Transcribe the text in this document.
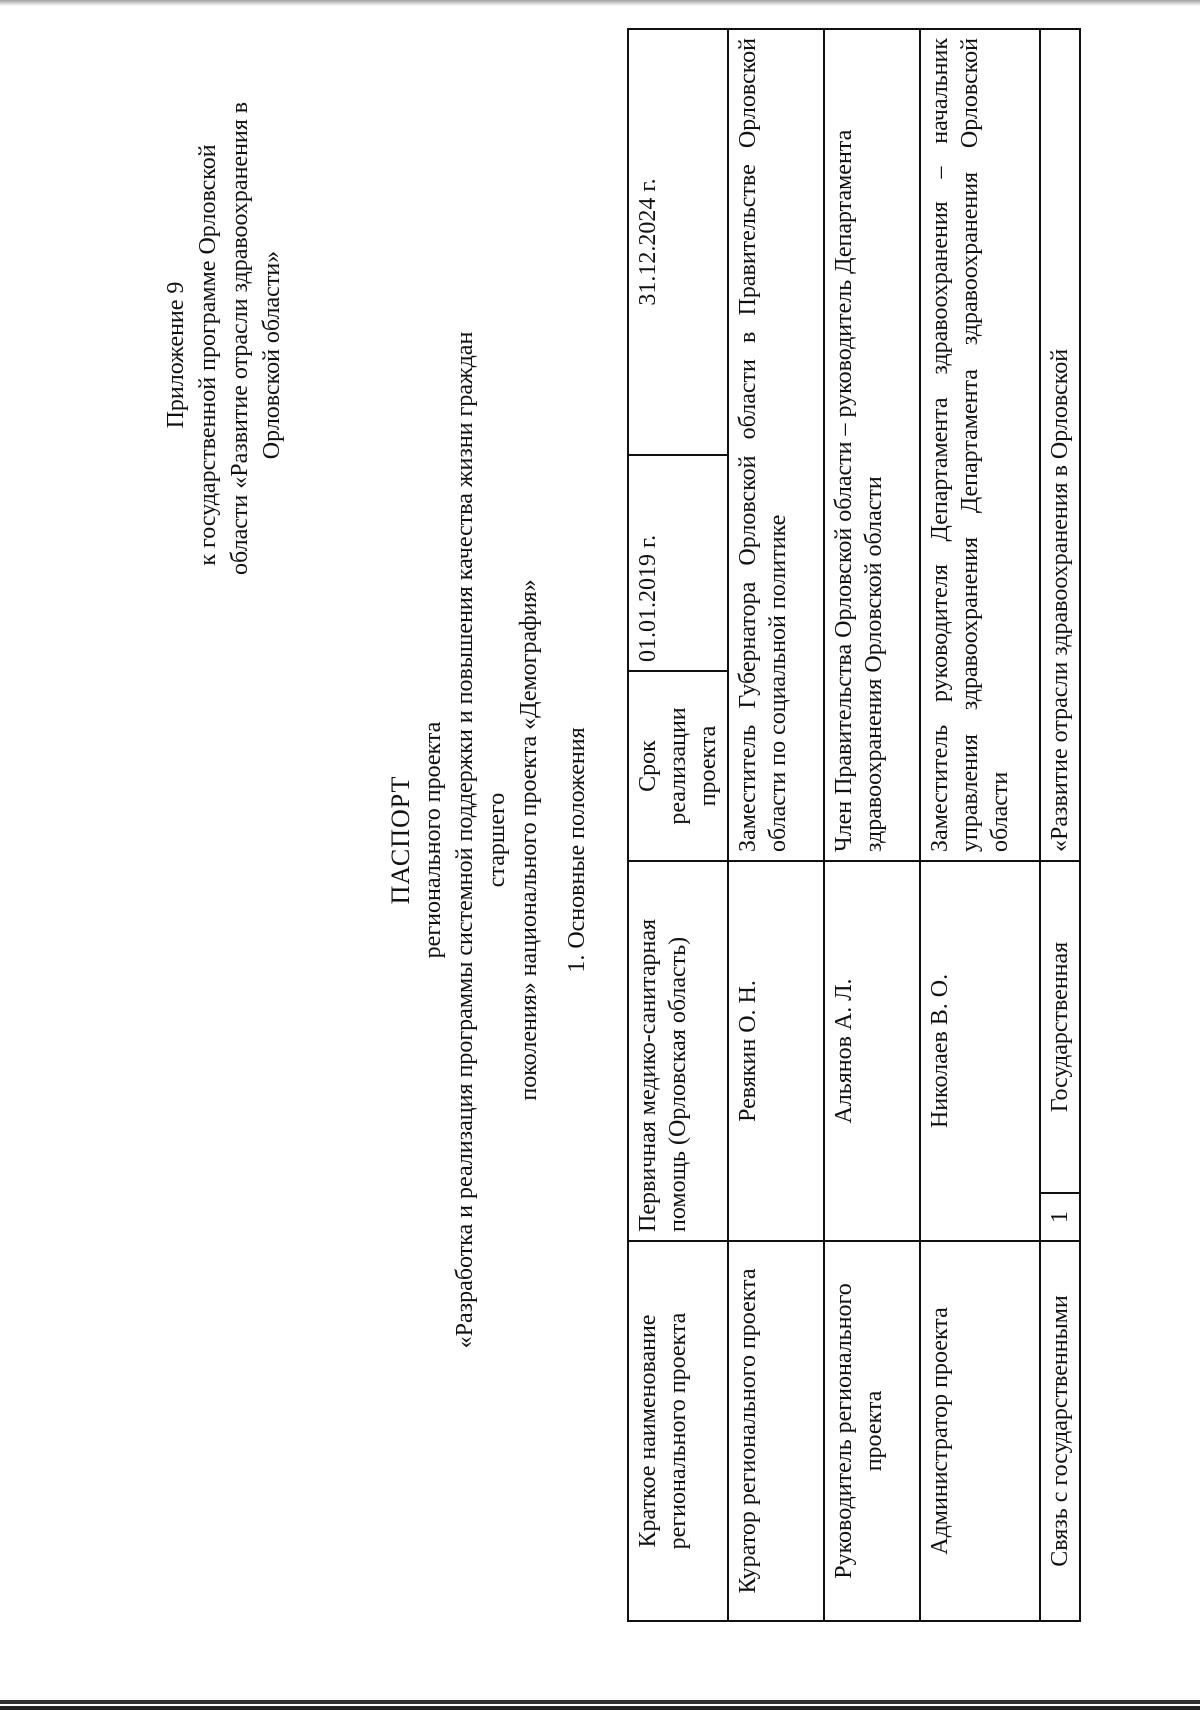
Приложение 9 к государственной программе Орловской области «Развитие отрасли здравоохранения в Орловской области»
ПАСПОРТ регионального проекта «Разработка и реализация программы системной поддержки и повышения качества жизни граждан старшего поколения» национального проекта «Демография» 1. Основные положения
Краткое наименование регионального проекта	Первичная медико-санитарная помощь (Орловская область)		Срок реализации проекта	01.01.2019 г.	31.12.2024 г.
Куратор регионального проекта	Ревякин О. Н.		Заместитель Губернатора Орловской области в Правительстве Орловской области по социальной политике		
Руководитель регионального проекта	Альянов А. Л.		Член Правительства Орловской области – руководитель Департамента здравоохранения Орловской области		
Администратор проекта	Николаев В. О.		Заместитель руководителя Департамента здравоохранения – начальник управления здравоохранения Департамента здравоохранения Орловской области		
Связь с государственными	1	Государственная	«Развитие отрасли здравоохранения в Орловской		
